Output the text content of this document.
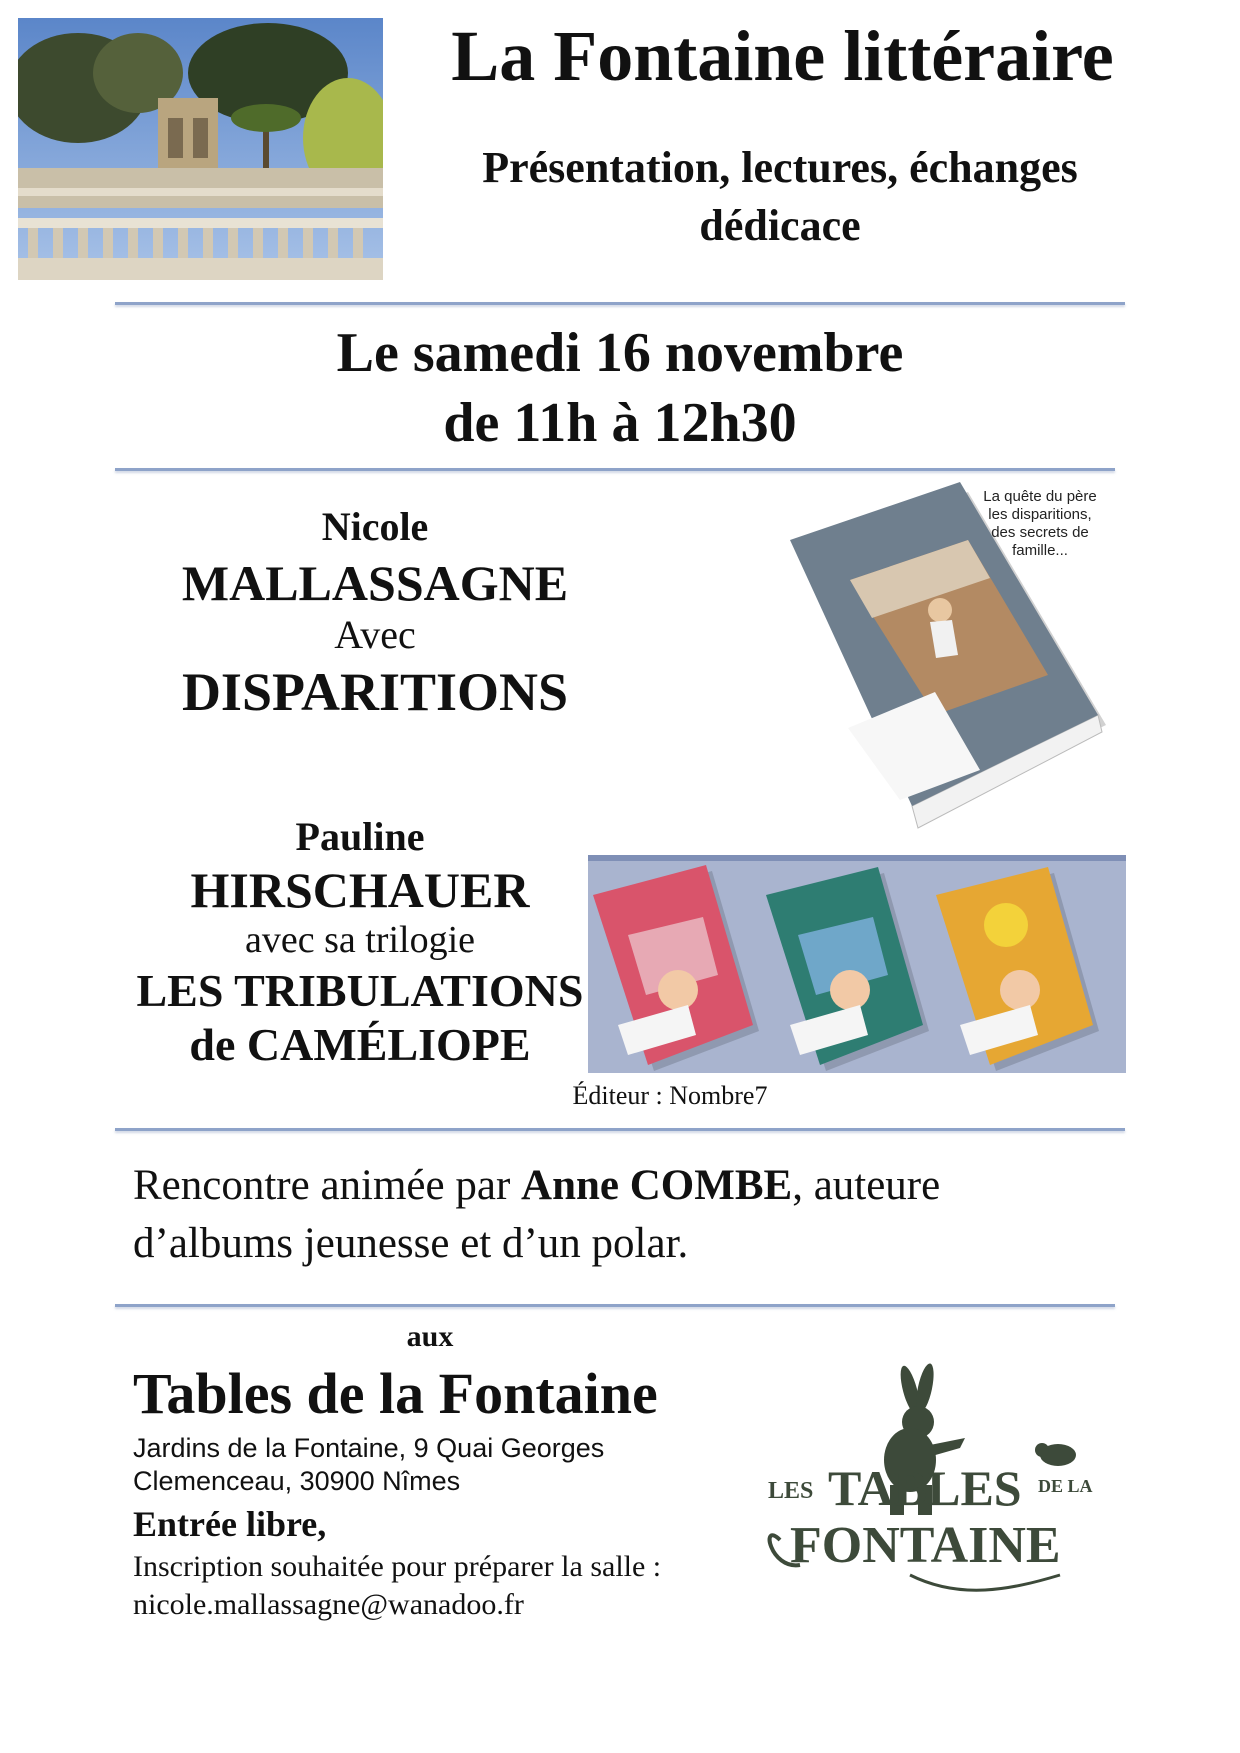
La Fontaine littéraire
Présentation, lectures, échanges
dédicace
Le samedi 16 novembre
de 11h à 12h30
Nicole
MALLASSAGNE
Avec
DISPARITIONS
La quête du père
les disparitions,
des secrets de
famille...
Pauline
HIRSCHAUER
avec sa trilogie
LES TRIBULATIONS
de CAMÉLIOPE
Éditeur : Nombre7
Rencontre animée par Anne COMBE, auteure
d’albums jeunesse et d’un polar.
aux
Tables de la Fontaine
Jardins de la Fontaine, 9 Quai Georges
Clemenceau, 30900 Nîmes
Entrée libre,
Inscription souhaitée pour préparer la salle :
nicole.mallassagne@wanadoo.fr
LES TABLES DE LA
FONTAINE
